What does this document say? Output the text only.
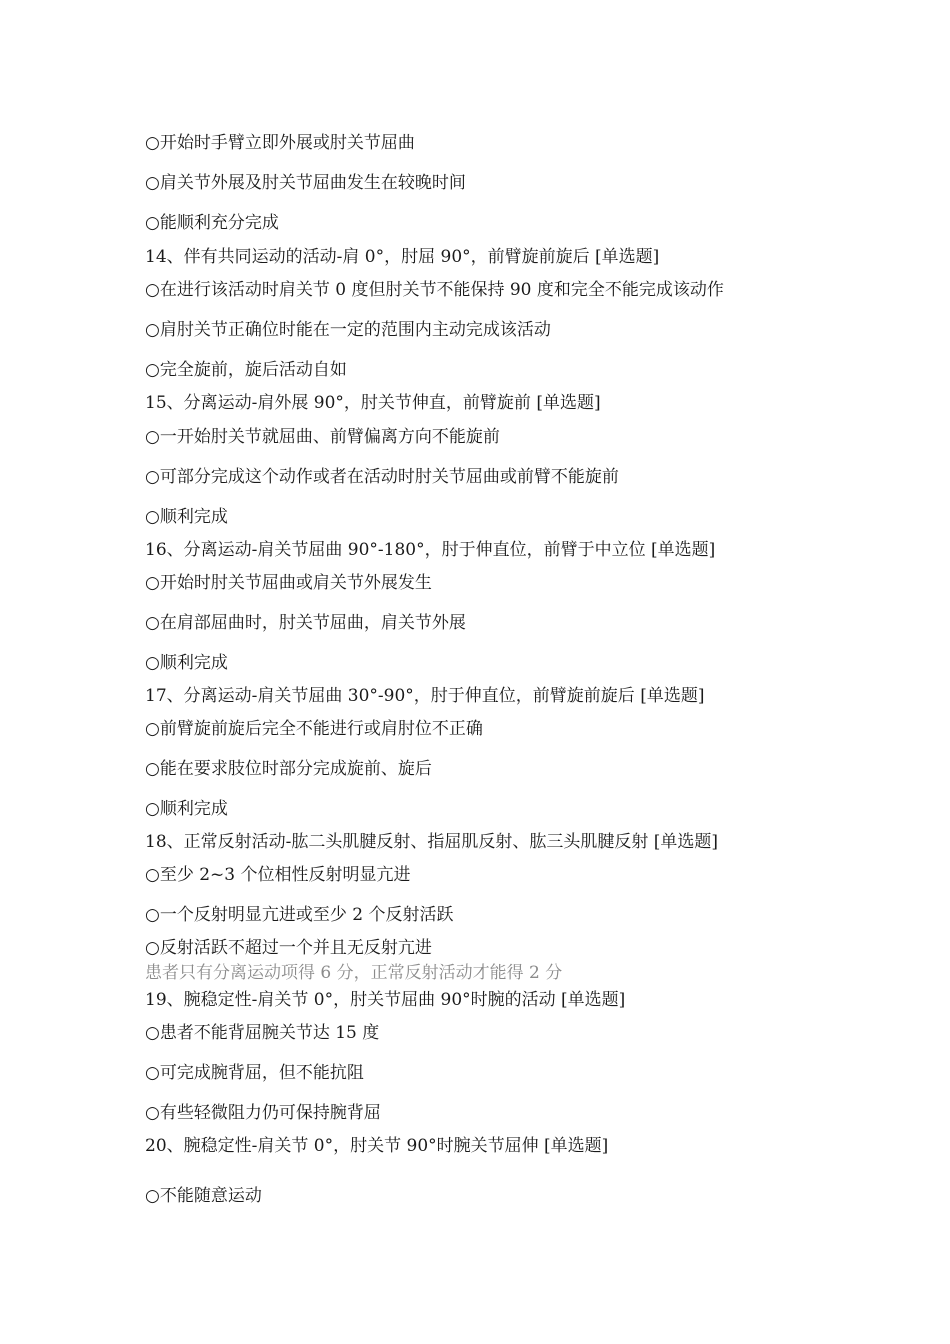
○开始时手臂立即外展或肘关节屈曲
○肩关节外展及肘关节屈曲发生在较晚时间
○能顺利充分完成
14、伴有共同运动的活动-肩 0°，肘屈 90°，前臂旋前旋后 [单选题]
○在进行该活动时肩关节 0 度但肘关节不能保持 90 度和完全不能完成该动作
○肩肘关节正确位时能在一定的范围内主动完成该活动
○完全旋前，旋后活动自如
15、分离运动-肩外展 90°，肘关节伸直，前臂旋前 [单选题]
○一开始肘关节就屈曲、前臂偏离方向不能旋前
○可部分完成这个动作或者在活动时肘关节屈曲或前臂不能旋前
○顺利完成
16、分离运动-肩关节屈曲 90°-180°，肘于伸直位，前臂于中立位 [单选题]
○开始时肘关节屈曲或肩关节外展发生
○在肩部屈曲时，肘关节屈曲，肩关节外展
○顺利完成
17、分离运动-肩关节屈曲 30°-90°，肘于伸直位，前臂旋前旋后 [单选题]
○前臂旋前旋后完全不能进行或肩肘位不正确
○能在要求肢位时部分完成旋前、旋后
○顺利完成
18、正常反射活动-肱二头肌腱反射、指屈肌反射、肱三头肌腱反射 [单选题]
○至少 2~3 个位相性反射明显亢进
○一个反射明显亢进或至少 2 个反射活跃
○反射活跃不超过一个并且无反射亢进
患者只有分离运动项得 6 分，正常反射活动才能得 2 分
19、腕稳定性-肩关节 0°，肘关节屈曲 90°时腕的活动 [单选题]
○患者不能背屈腕关节达 15 度
○可完成腕背屈，但不能抗阻
○有些轻微阻力仍可保持腕背屈
20、腕稳定性-肩关节 0°，肘关节 90°时腕关节屈伸 [单选题]
○不能随意运动
